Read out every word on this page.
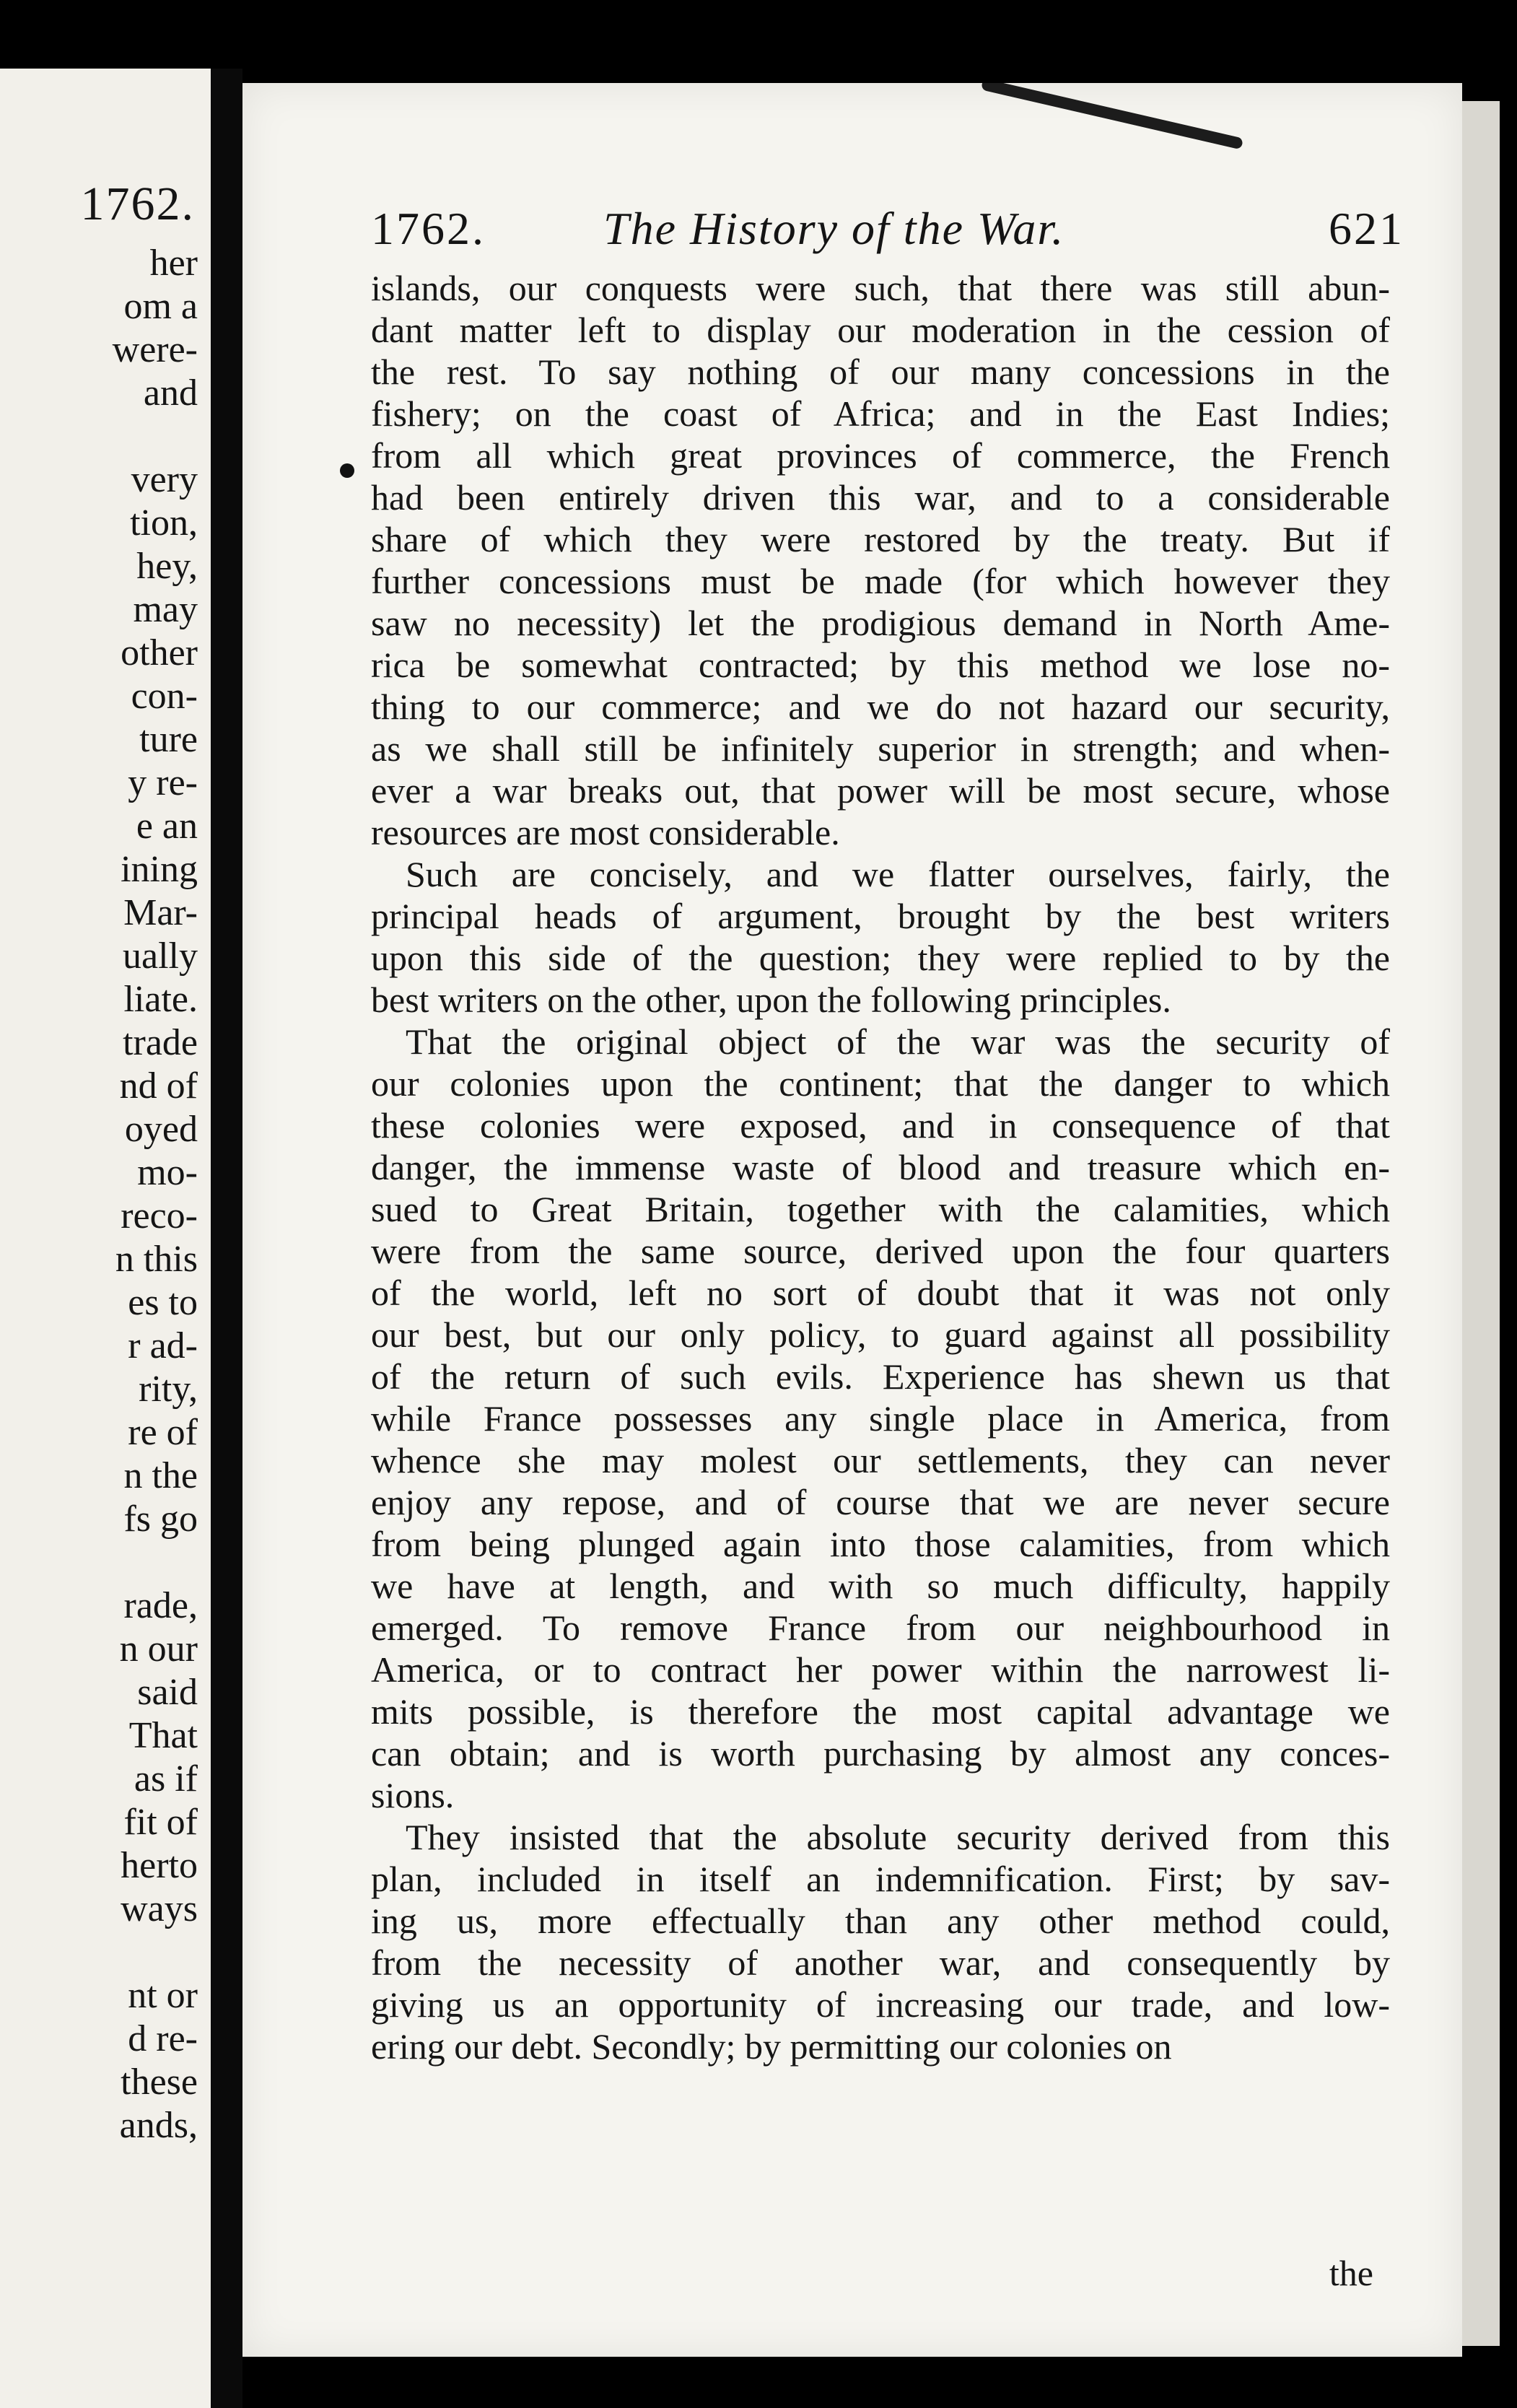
1762.
her
om a
were-
and
very
tion,
hey,
may
other
con-
ture
y re-
e an
ining
Mar-
ually
liate.
trade
nd of
oyed
mo-
reco-
n this
es to
r ad-
rity,
re of
n the
fs go
rade,
n our
said
That
as if
fit of
herto
ways
nt or
d re-
these
ands,
1762.	The History of the War.	621
islands, our conquests were such, that there was still abun-
dant matter left to display our moderation in the cession of
the rest. To say nothing of our many concessions in the
fishery; on the coast of Africa; and in the East Indies;
from all which great provinces of commerce, the French
had been entirely driven this war, and to a considerable
share of which they were restored by the treaty. But if
further concessions must be made (for which however they
saw no necessity) let the prodigious demand in North Ame-
rica be somewhat contracted; by this method we lose no-
thing to our commerce; and we do not hazard our security,
as we shall still be infinitely superior in strength; and when-
ever a war breaks out, that power will be most secure, whose
resources are most considerable.
Such are concisely, and we flatter ourselves, fairly, the
principal heads of argument, brought by the best writers
upon this side of the question; they were replied to by the
best writers on the other, upon the following principles.
That the original object of the war was the security of
our colonies upon the continent; that the danger to which
these colonies were exposed, and in consequence of that
danger, the immense waste of blood and treasure which en-
sued to Great Britain, together with the calamities, which
were from the same source, derived upon the four quarters
of the world, left no sort of doubt that it was not only
our best, but our only policy, to guard against all possibility
of the return of such evils. Experience has shewn us that
while France possesses any single place in America, from
whence she may molest our settlements, they can never
enjoy any repose, and of course that we are never secure
from being plunged again into those calamities, from which
we have at length, and with so much difficulty, happily
emerged. To remove France from our neighbourhood in
America, or to contract her power within the narrowest li-
mits possible, is therefore the most capital advantage we
can obtain; and is worth purchasing by almost any conces-
sions.
They insisted that the absolute security derived from this
plan, included in itself an indemnification. First; by sav-
ing us, more effectually than any other method could,
from the necessity of another war, and consequently by
giving us an opportunity of increasing our trade, and low-
ering our debt. Secondly; by permitting our colonies on
the
